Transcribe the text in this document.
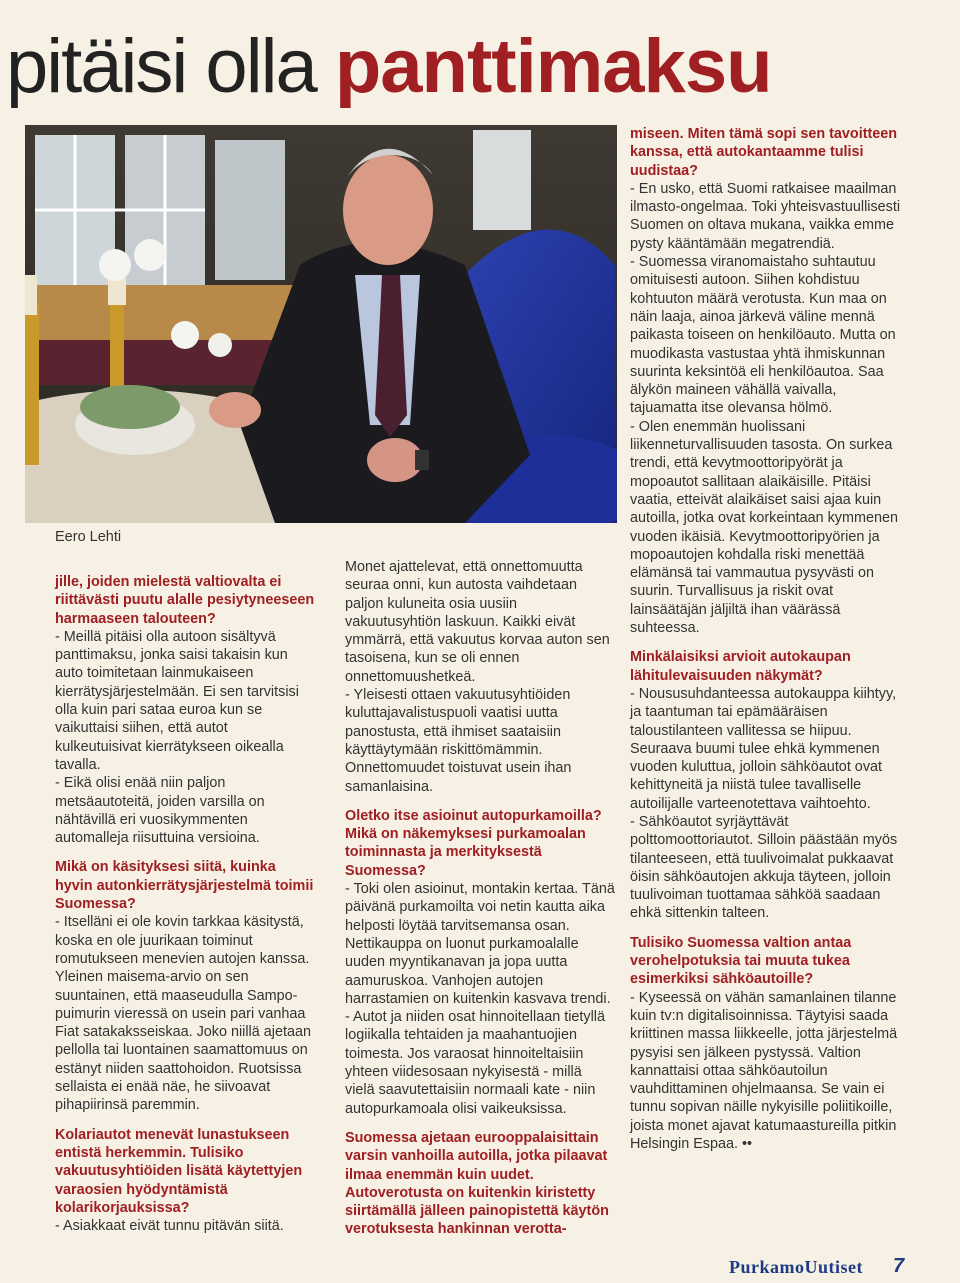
pitäisi olla panttimaksu
Eero Lehti

jille, joiden mielestä valtiovalta ei riittävästi puutu alalle pesiytyneeseen harmaaseen talouteen?

- Meillä pitäisi olla autoon sisältyvä panttimaksu, jonka saisi takaisin kun auto toimitetaan lainmukaiseen kierrätysjärjestelmään. Ei sen tarvitsisi olla kuin pari sataa euroa kun se vaikuttaisi siihen, että autot kulkeutuisivat kierrätykseen oikealla tavalla.

- Eikä olisi enää niin paljon metsäautoteitä, joiden varsilla on nähtävillä eri vuosikymmenten automalleja riisuttuina versioina.

Mikä on käsityksesi siitä, kuinka hyvin autonkierrätysjärjestelmä toimii Suomessa?

- Itselläni ei ole kovin tarkkaa käsitystä, koska en ole juurikaan toiminut romutukseen menevien autojen kanssa. Yleinen maisema-arvio on sen suuntainen, että maaseudulla Sampo-puimurin vieressä on usein pari vanhaa Fiat satakaksseiskaa. Joko niillä ajetaan pellolla tai luontainen saamattomuus on estänyt niiden saattohoidon. Ruotsissa sellaista ei enää näe, he siivoavat pihapiirinsä paremmin.

Kolariautot menevät lunastukseen entistä herkemmin. Tulisiko vakuutusyhtiöiden lisätä käytettyjen varaosien hyödyntämistä kolarikorjauksissa?

- Asiakkaat eivät tunnu pitävän siitä.

Monet ajattelevat, että onnettomuutta seuraa onni, kun autosta vaihdetaan paljon kuluneita osia uusiin vakuutusyhtiön laskuun. Kaikki eivät ymmärrä, että vakuutus korvaa auton sen tasoisena, kun se oli ennen onnettomuushetkeä.

- Yleisesti ottaen vakuutusyhtiöiden kuluttajavalistuspuoli vaatisi uutta panostusta, että ihmiset saataisiin käyttäytymään riskittömämmin. Onnettomuudet toistuvat usein ihan samanlaisina.

Oletko itse asioinut autopurkamoilla? Mikä on näkemyksesi purkamoalan toiminnasta ja merkityksestä Suomessa?

- Toki olen asioinut, montakin kertaa. Tänä päivänä purkamoilta voi netin kautta aika helposti löytää tarvitsemansa osan. Nettikauppa on luonut purkamoalalle uuden myyntikanavan ja jopa uutta aamuruskoa. Vanhojen autojen harrastamien on kuitenkin kasvava trendi.

- Autot ja niiden osat hinnoitellaan tietyllä logiikalla tehtaiden ja maahantuojien toimesta. Jos varaosat hinnoiteltaisiin yhteen viidesosaan nykyisestä - millä vielä saavutettaisiin normaali kate - niin autopurkamoala olisi vaikeuksissa.

Suomessa ajetaan eurooppalaisittain varsin vanhoilla autoilla, jotka pilaavat ilmaa enemmän kuin uudet. Autoverotusta on kuitenkin kiristetty siirtämällä jälleen painopistettä käytön verotuksesta hankinnan verotta-

miseen. Miten tämä sopi sen tavoitteen kanssa, että autokantaamme tulisi uudistaa?

- En usko, että Suomi ratkaisee maailman ilmasto-ongelmaa. Toki yhteisvastuullisesti Suomen on oltava mukana, vaikka emme pysty kääntämään megatrendiä.

- Suomessa viranomaistaho suhtautuu omituisesti autoon. Siihen kohdistuu kohtuuton määrä verotusta. Kun maa on näin laaja, ainoa järkevä väline mennä paikasta toiseen on henkilöauto. Mutta on muodikasta vastustaa yhtä ihmiskunnan suurinta keksintöä eli henkilöautoa. Saa älykön maineen vähällä vaivalla, tajuamatta itse olevansa hölmö.

- Olen enemmän huolissani liikenneturvallisuuden tasosta. On surkea trendi, että kevytmoottoripyörät ja mopoautot sallitaan alaikäisille. Pitäisi vaatia, etteivät alaikäiset saisi ajaa kuin autoilla, jotka ovat korkeintaan kymmenen vuoden ikäisiä. Kevytmoottoripyörien ja mopoautojen kohdalla riski menettää elämänsä tai vammautua pysyvästi on suurin. Turvallisuus ja riskit ovat lainsäätäjän jäljiltä ihan väärässä suhteessa.

Minkälaisiksi arvioit autokaupan lähitulevaisuuden näkymät?

- Noususuhdanteessa autokauppa kiihtyy, ja taantuman tai epämääräisen taloustilanteen vallitessa se hiipuu. Seuraava buumi tulee ehkä kymmenen vuoden kuluttua, jolloin sähköautot ovat kehittyneitä ja niistä tulee tavalliselle autoilijalle varteenotettava vaihtoehto.

- Sähköautot syrjäyttävät polttomoottoriautot. Silloin päästään myös tilanteeseen, että tuulivoimalat pukkaavat öisin sähköautojen akkuja täyteen, jolloin tuulivoiman tuottamaa sähköä saadaan ehkä sittenkin talteen.

Tulisiko Suomessa valtion antaa verohelpotuksia tai muuta tukea esimerkiksi sähköautoille?

- Kyseessä on vähän samanlainen tilanne kuin tv:n digitalisoinnissa. Täytyisi saada kriittinen massa liikkeelle, jotta järjestelmä pysyisi sen jälkeen pystyssä. Valtion kannattaisi ottaa sähköautoilun vauhdittaminen ohjelmaansa. Se vain ei tunnu sopivan näille nykyisille poliitikoille, joista monet ajavat katumaastureilla pitkin Helsingin Espaa. ••

PurkamoUutiset 7
